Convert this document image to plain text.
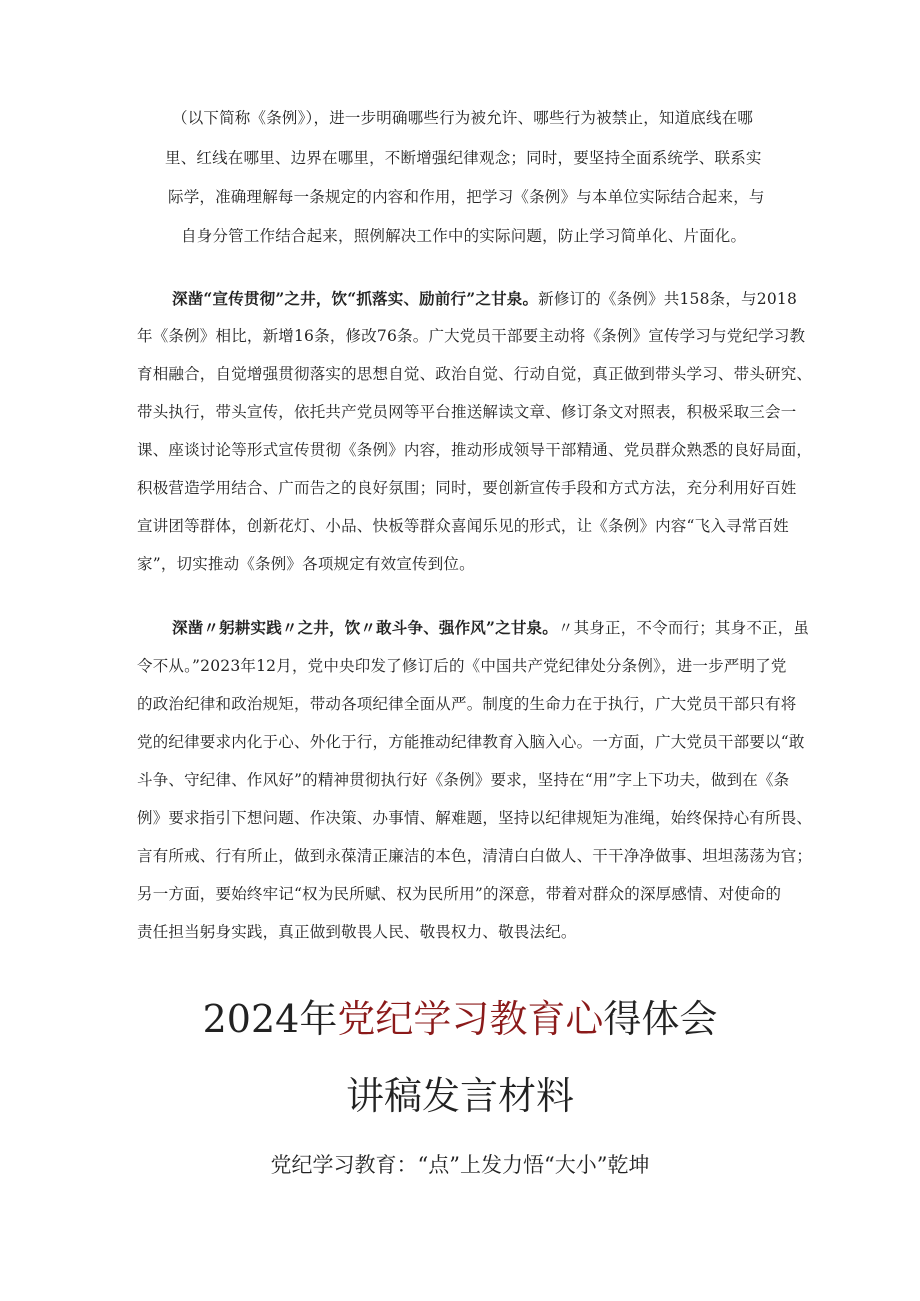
（以下简称《条例》），进一步明确哪些行为被允许、哪些行为被禁止，知道底线在哪
里、红线在哪里、边界在哪里，不断增强纪律观念；同时，要坚持全面系统学、联系实
际学，准确理解每一条规定的内容和作用，把学习《条例》与本单位实际结合起来，与
自身分管工作结合起来，照例解决工作中的实际问题，防止学习简单化、片面化。
深凿“宣传贯彻”之井，饮“抓落实、励前行”之甘泉。新修订的《条例》共158条，与2018
年《条例》相比，新增16条，修改76条。广大党员干部要主动将《条例》宣传学习与党纪学习教
育相融合，自觉增强贯彻落实的思想自觉、政治自觉、行动自觉，真正做到带头学习、带头研究、
带头执行，带头宣传，依托共产党员网等平台推送解读文章、修订条文对照表，积极采取三会一
课、座谈讨论等形式宣传贯彻《条例》内容，推动形成领导干部精通、党员群众熟悉的良好局面，
积极营造学用结合、广而告之的良好氛围；同时，要创新宣传手段和方式方法，充分利用好百姓
宣讲团等群体，创新花灯、小品、快板等群众喜闻乐见的形式，让《条例》内容“飞入寻常百姓
家”，切实推动《条例》各项规定有效宣传到位。
深凿〃躬耕实践〃之井，饮〃敢斗争、强作风”之甘泉。〃其身正，不令而行；其身不正，虽
令不从。”2023年12月，党中央印发了修订后的《中国共产党纪律处分条例》，进一步严明了党
的政治纪律和政治规矩，带动各项纪律全面从严。制度的生命力在于执行，广大党员干部只有将
党的纪律要求内化于心、外化于行，方能推动纪律教育入脑入心。一方面，广大党员干部要以“敢
斗争、守纪律、作风好”的精神贯彻执行好《条例》要求，坚持在“用”字上下功夫，做到在《条
例》要求指引下想问题、作决策、办事情、解难题，坚持以纪律规矩为准绳，始终保持心有所畏、
言有所戒、行有所止，做到永葆清正廉洁的本色，清清白白做人、干干净净做事、坦坦荡荡为官；
另一方面，要始终牢记“权为民所赋、权为民所用”的深意，带着对群众的深厚感情、对使命的
责任担当躬身实践，真正做到敬畏人民、敬畏权力、敬畏法纪。
2024年党纪学习教育心得体会
讲稿发言材料
党纪学习教育：“点”上发力悟“大小”乾坤
